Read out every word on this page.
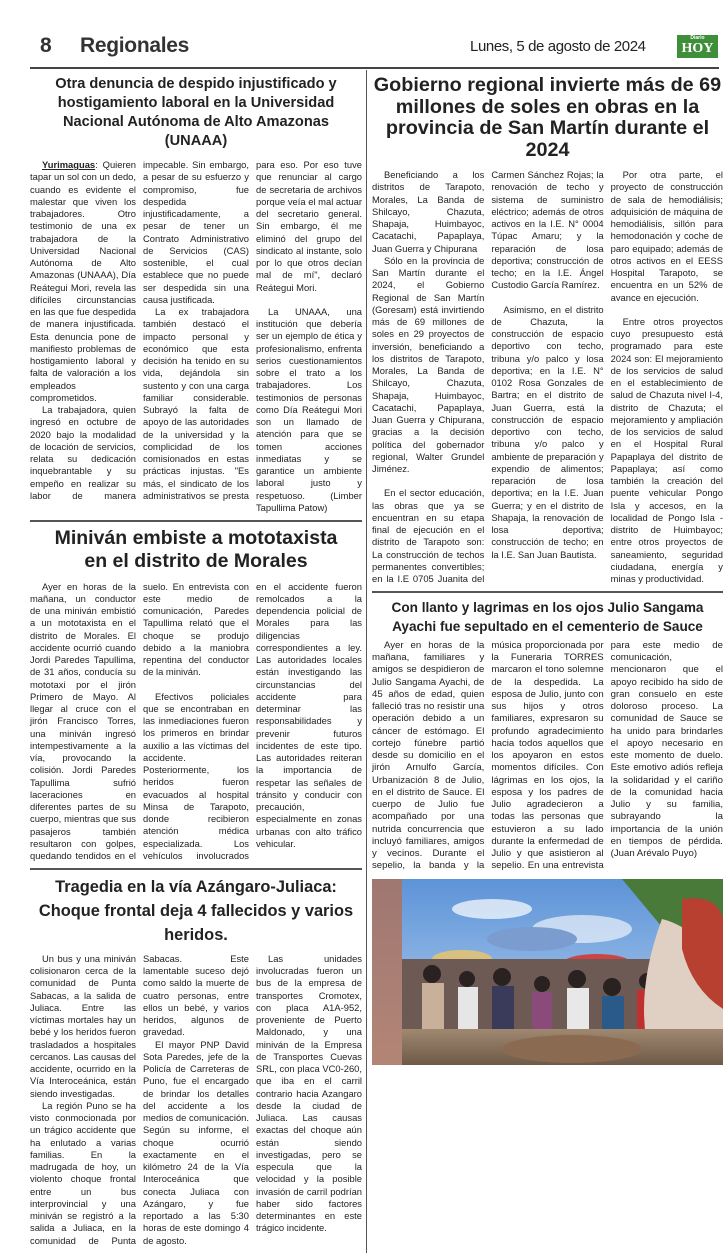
8 Regionales	Lunes, 5 de agosto de 2024	Diario
HOY
Otra denuncia de despido injustificado y hostigamiento laboral en la Universidad Nacional Autónoma de Alto Amazonas (UNAAA)

Yurimaguas: Quieren tapar un sol con un dedo, cuando es evidente el malestar que viven los trabajadores. Otro testimonio de una ex trabajadora de la Universidad Nacional Autónoma de Alto Amazonas (UNAAA), Día Reátegui Mori, revela las difíciles circunstancias en las que fue despedida de manera injustificada. Esta denuncia pone de manifiesto problemas de hostigamiento laboral y falta de valoración a los empleados comprometidos.

La trabajadora, quien ingresó en octubre de 2020 bajo la modalidad de locación de servicios, relata su dedicación inquebrantable y su empeño en realizar su labor de manera impecable. Sin embargo, a pesar de su esfuerzo y compromiso, fue despedida injustificadamente, a pesar de tener un Contrato Administrativo de Servicios (CAS) sostenible, el cual establece que no puede ser despedida sin una causa justificada.

La ex trabajadora también destacó el impacto personal y económico que esta decisión ha tenido en su vida, dejándola sin sustento y con una carga familiar considerable. Subrayó la falta de apoyo de las autoridades de la universidad y la complicidad de los comisionados en estas prácticas injustas. "Es más, el sindicato de los administrativos se presta para eso. Por eso tuve que renunciar al cargo de secretaria de archivos porque veía el mal actuar del secretario general. Sin embargo, él me eliminó del grupo del sindicato al instante, solo por lo que otros decían mal de mí", declaró Reátegui Mori.

La UNAAA, una institución que debería ser un ejemplo de ética y profesionalismo, enfrenta serios cuestionamientos sobre el trato a los trabajadores. Los testimonios de personas como Día Reátegui Mori son un llamado de atención para que se tomen acciones inmediatas y se garantice un ambiente laboral justo y respetuoso. (Limber Tapullima Patow)

Miniván embiste a mototaxista en el distrito de Morales

Ayer en horas de la mañana, un conductor de una miniván embistió a un mototaxista en el distrito de Morales. El accidente ocurrió cuando Jordi Paredes Tapullima, de 31 años, conducía su mototaxi por el jirón Primero de Mayo. Al llegar al cruce con el jirón Francisco Torres, una miniván ingresó intempestivamente a la vía, provocando la colisión. Jordi Paredes Tapullima sufrió laceraciones en diferentes partes de su cuerpo, mientras que sus pasajeros también resultaron con golpes, quedando tendidos en el suelo. En entrevista con este medio de comunicación, Paredes Tapullima relató que el choque se produjo debido a la maniobra repentina del conductor de la miniván.

Efectivos policiales que se encontraban en las inmediaciones fueron los primeros en brindar auxilio a las víctimas del accidente. Posteriormente, los heridos fueron evacuados al hospital Minsa de Tarapoto, donde recibieron atención médica especializada. Los vehículos involucrados en el accidente fueron remolcados a la dependencia policial de Morales para las diligencias correspondientes a ley. Las autoridades locales están investigando las circunstancias del accidente para determinar las responsabilidades y prevenir futuros incidentes de este tipo. Las autoridades reiteran la importancia de respetar las señales de tránsito y conducir con precaución, especialmente en zonas urbanas con alto tráfico vehicular.

Tragedia en la vía Azángaro-Juliaca: Choque frontal deja 4 fallecidos y varios heridos.

Un bus y una miniván colisionaron cerca de la comunidad de Punta Sabacas, a la salida de Juliaca. Entre las víctimas mortales hay un bebé y los heridos fueron trasladados a hospitales cercanos. Las causas del accidente, ocurrido en la Vía Interoceánica, están siendo investigadas.

La región Puno se ha visto conmocionada por un trágico accidente que ha enlutado a varias familias. En la madrugada de hoy, un violento choque frontal entre un bus interprovincial y una miniván se registró a la salida a Juliaca, en la comunidad de Punta Sabacas. Este lamentable suceso dejó como saldo la muerte de cuatro personas, entre ellos un bebé, y varios heridos, algunos de gravedad.

El mayor PNP David Sota Paredes, jefe de la Policía de Carreteras de Puno, fue el encargado de brindar los detalles del accidente a los medios de comunicación. Según su informe, el choque ocurrió exactamente en el kilómetro 24 de la Vía Interoceánica que conecta Juliaca con Azángaro, y fue reportado a las 5:30 horas de este domingo 4 de agosto.

Las unidades involucradas fueron un bus de la empresa de transportes Cromotex, con placa A1A-952, proveniente de Puerto Maldonado, y una miniván de la Empresa de Transportes Cuevas SRL, con placa VC0-260, que iba en el carril contrario hacia Azangaro desde la ciudad de Juliaca. Las causas exactas del choque aún están siendo investigadas, pero se especula que la velocidad y la posible invasión de carril podrían haber sido factores determinantes en este trágico incidente.

Gobierno regional invierte más de 69 millones de soles en obras en la provincia de San Martín durante el 2024

Beneficiando a los distritos de Tarapoto, Morales, La Banda de Shilcayo, Chazuta, Shapaja, Huimbayoc, Cacatachi, Papaplaya, Juan Guerra y Chipurana

Sólo en la provincia de San Martín durante el 2024, el Gobierno Regional de San Martín (Goresam) está invirtiendo más de 69 millones de soles en 29 proyectos de inversión, beneficiando a los distritos de Tarapoto, Morales, La Banda de Shilcayo, Chazuta, Shapaja, Huimbayoc, Cacatachi, Papaplaya, Juan Guerra y Chipurana, gracias a la decisión política del gobernador regional, Walter Grundel Jiménez.

En el sector educación, las obras que ya se encuentran en su etapa final de ejecución en el distrito de Tarapoto son: La construcción de techos permanentes convertibles; en la I.E 0705 Juanita del Carmen Sánchez Rojas; la renovación de techo y sistema de suministro eléctrico; además de otros activos en la I.E. N° 0004 Túpac Amaru; y la reparación de losa deportiva; construcción de techo; en la I.E. Ángel Custodio García Ramírez.

Asimismo, en el distrito de Chazuta, la construcción de espacio deportivo con techo, tribuna y/o palco y losa deportiva; en la I.E. N° 0102 Rosa Gonzales de Bartra; en el distrito de Juan Guerra, está la construcción de espacio deportivo con techo, tribuna y/o palco y ambiente de preparación y expendio de alimentos; reparación de losa deportiva; en la I.E. Juan Guerra; y en el distrito de Shapaja, la renovación de losa deportiva; construcción de techo; en la I.E. San Juan Bautista.

Por otra parte, el proyecto de construcción de sala de hemodiálisis; adquisición de máquina de hemodiálisis, sillón para hemodonación y coche de paro equipado; además de otros activos en el EESS Hospital Tarapoto, se encuentra en un 52% de avance en ejecución.

Entre otros proyectos cuyo presupuesto está programado para este 2024 son: El mejoramiento de los servicios de salud en el establecimiento de salud de Chazuta nivel I-4, distrito de Chazuta; el mejoramiento y ampliación de los servicios de salud en el Hospital Rural Papaplaya del distrito de Papaplaya; así como también la creación del puente vehicular Pongo Isla y accesos, en la localidad de Pongo Isla - distrito de Huimbayoc; entre otros proyectos de saneamiento, seguridad ciudadana, energía y minas y productividad.

Con llanto y lagrimas en los ojos Julio Sangama Ayachi fue sepultado en el cementerio de Sauce

Ayer en horas de la mañana, familiares y amigos se despidieron de Julio Sangama Ayachi, de 45 años de edad, quien falleció tras no resistir una operación debido a un cáncer de estómago. El cortejo fúnebre partió desde su domicilio en el jirón Arnulfo García, Urbanización 8 de Julio, en el distrito de Sauce. El cuerpo de Julio fue acompañado por una nutrida concurrencia que incluyó familiares, amigos y vecinos. Durante el sepelio, la banda y la música proporcionada por la Funeraria TORRES marcaron el tono solemne de la despedida. La esposa de Julio, junto con sus hijos y otros familiares, expresaron su profundo agradecimiento hacia todos aquellos que los apoyaron en estos momentos difíciles. Con lágrimas en los ojos, la esposa y los padres de Julio agradecieron a todas las personas que estuvieron a su lado durante la enfermedad de Julio y que asistieron al sepelio. En una entrevista para este medio de comunicación, mencionaron que el apoyo recibido ha sido de gran consuelo en este doloroso proceso. La comunidad de Sauce se ha unido para brindarles el apoyo necesario en este momento de duelo. Este emotivo adiós refleja la solidaridad y el cariño de la comunidad hacia Julio y su familia, subrayando la importancia de la unión en tiempos de pérdida. (Juan Arévalo Puyo)
